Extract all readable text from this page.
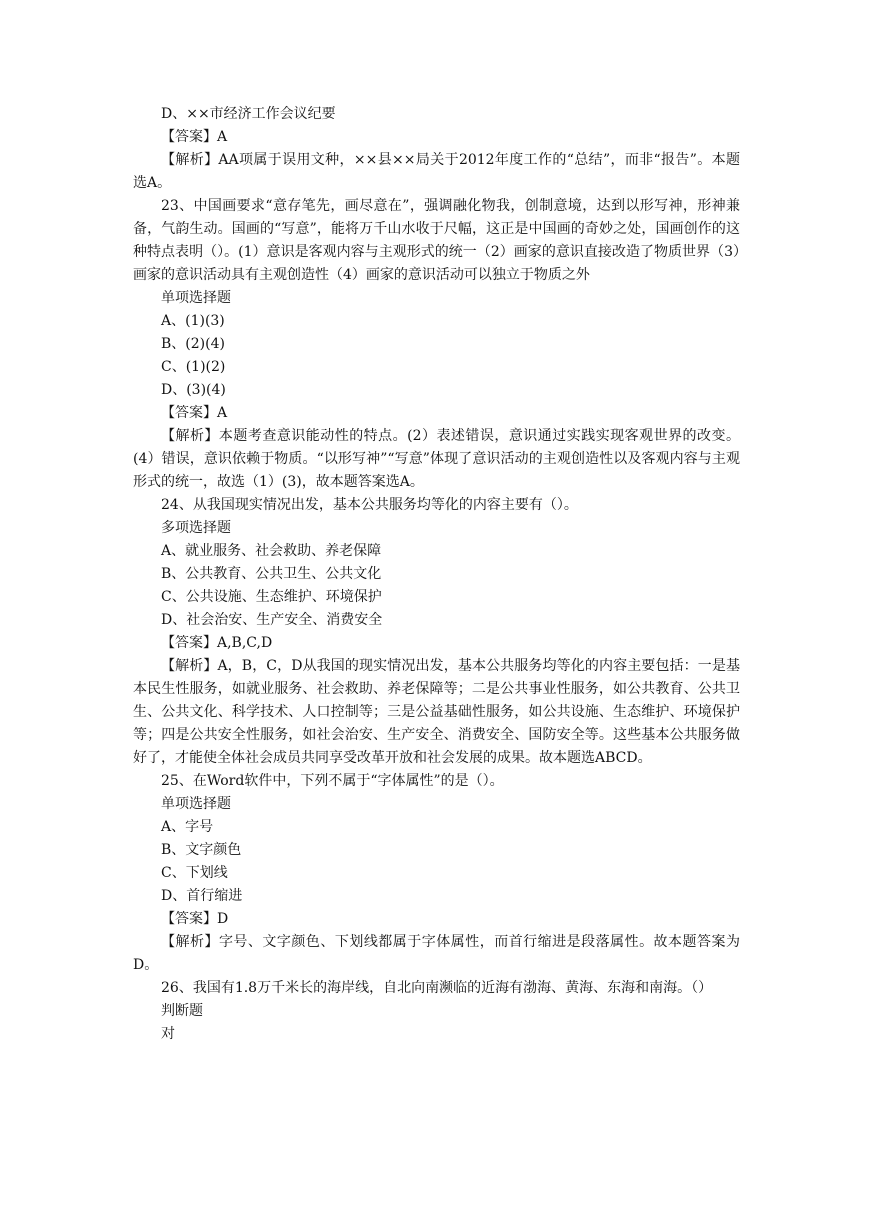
D、××市经济工作会议纪要

【答案】A

【解析】AA项属于误用文种，××县××局关于2012年度工作的“总结”，而非“报告”。本题选A。

23、中国画要求“意存笔先，画尽意在”，强调融化物我，创制意境，达到以形写神，形神兼备，气韵生动。国画的“写意”，能将万千山水收于尺幅，这正是中国画的奇妙之处，国画创作的这种特点表明（）。(1）意识是客观内容与主观形式的统一（2）画家的意识直接改造了物质世界（3）画家的意识活动具有主观创造性（4）画家的意识活动可以独立于物质之外

单项选择题

A、(1)(3)

B、(2)(4)

C、(1)(2)

D、(3)(4)

【答案】A

【解析】本题考查意识能动性的特点。(2）表述错误，意识通过实践实现客观世界的改变。(4）错误，意识依赖于物质。“以形写神”“写意”体现了意识活动的主观创造性以及客观内容与主观形式的统一，故选（1）(3)，故本题答案选A。

24、从我国现实情况出发，基本公共服务均等化的内容主要有（）。

多项选择题

A、就业服务、社会救助、养老保障

B、公共教育、公共卫生、公共文化

C、公共设施、生态维护、环境保护

D、社会治安、生产安全、消费安全

【答案】A,B,C,D

【解析】A，B，C，D从我国的现实情况出发，基本公共服务均等化的内容主要包括：一是基本民生性服务，如就业服务、社会救助、养老保障等；二是公共事业性服务，如公共教育、公共卫生、公共文化、科学技术、人口控制等；三是公益基础性服务，如公共设施、生态维护、环境保护等；四是公共安全性服务，如社会治安、生产安全、消费安全、国防安全等。这些基本公共服务做好了，才能使全体社会成员共同享受改革开放和社会发展的成果。故本题选ABCD。

25、在Word软件中，下列不属于“字体属性”的是（）。

单项选择题

A、字号

B、文字颜色

C、下划线

D、首行缩进

【答案】D

【解析】字号、文字颜色、下划线都属于字体属性，而首行缩进是段落属性。故本题答案为D。

26、我国有1.8万千米长的海岸线，自北向南濒临的近海有渤海、黄海、东海和南海。（）

判断题

对
